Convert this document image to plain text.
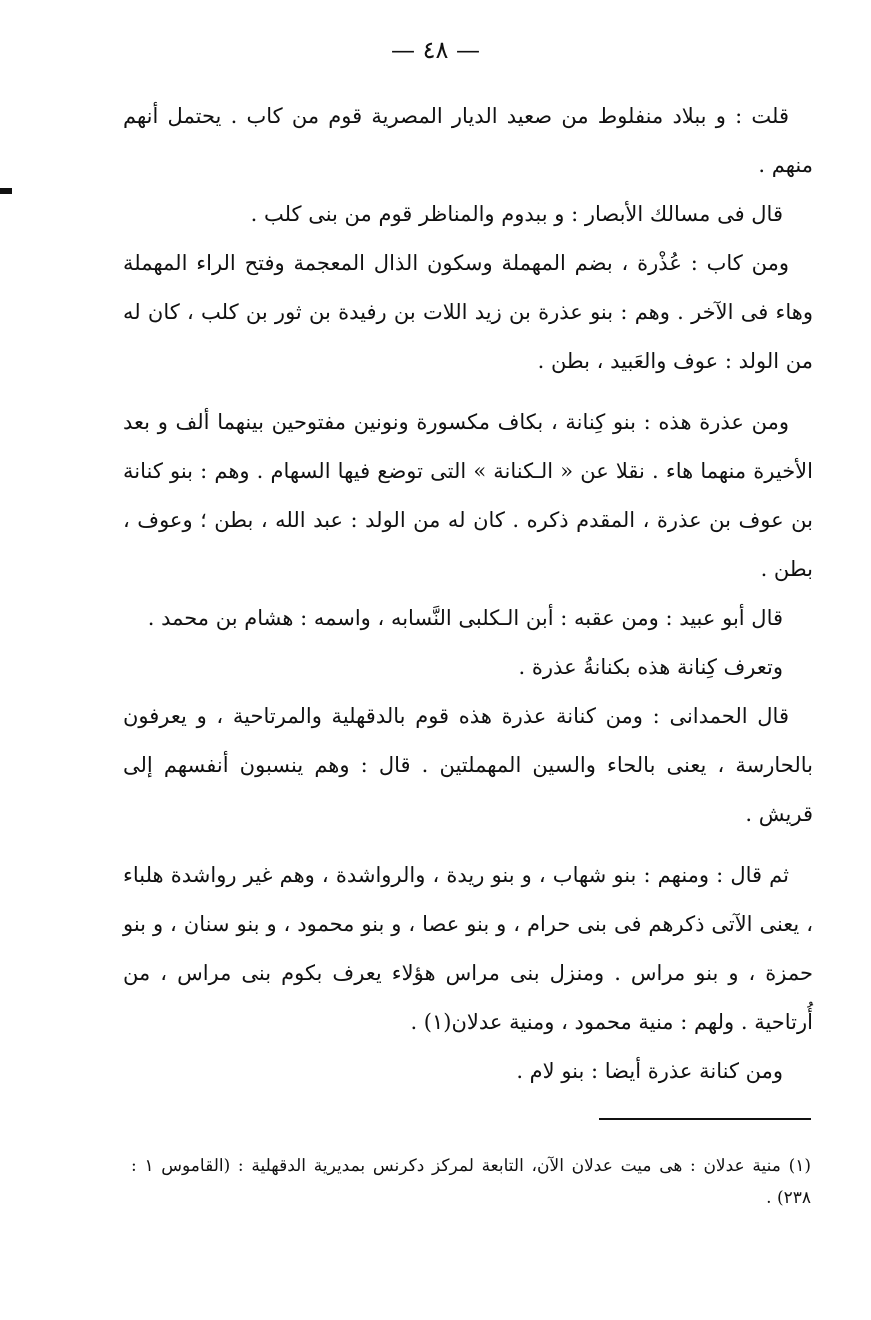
— ٤٨ —

قلت : و ببلاد منفلوط من صعيد الديار المصرية قوم من كاب . يحتمل أنهم منهم .

قال فى مسالك الأبصار : و ببدوم والمناظر قوم من بنى كلب .

ومن كاب : عُذْرة ، بضم المهملة وسكون الذال المعجمة وفتح الراء المهملة وهاء فى الآخر . وهم : بنو عذرة بن زيد اللات بن رفيدة بن ثور بن كلب ، كان له من الولد : عوف والعَبيد ، بطن .

ومن عذرة هذه : بنو كِنانة ، بكاف مكسورة ونونين مفتوحين بينهما ألف و بعد الأخيرة منهما هاء . نقلا عن « الـكنانة » التى توضع فيها السهام . وهم : بنو كنانة بن عوف بن عذرة ، المقدم ذكره . كان له من الولد : عبد الله ، بطن ؛ وعوف ، بطن .

قال أبو عبيد : ومن عقبه : أبن الـكلبى النَّسابه ، واسمه : هشام بن محمد .

وتعرف كِنانة هذه بكنانةُ عذرة .

قال الحمدانى : ومن كنانة عذرة هذه قوم بالدقهلية والمرتاحية ، و يعرفون بالحارسة ، يعنى بالحاء والسين المهملتين . قال : وهم ينسبون أنفسهم إلى قريش .

ثم قال : ومنهم : بنو شهاب ، و بنو ريدة ، والرواشدة ، وهم غير رواشدة هلباء ، يعنى الآتى ذكرهم فى بنى حرام ، و بنو عصا ، و بنو محمود ، و بنو سنان ، و بنو حمزة ، و بنو مراس . ومنزل بنى مراس هؤلاء يعرف بكوم بنى مراس ، من أُرتاحية . ولهم : منية محمود ، ومنية عدلان(١) .

ومن كنانة عذرة أيضا : بنو لام .

(١) منية عدلان : هى ميت عدلان الآن، التابعة لمركز دكرنس بمديرية الدقهلية : (القاموس ١ : ٢٣٨) .
